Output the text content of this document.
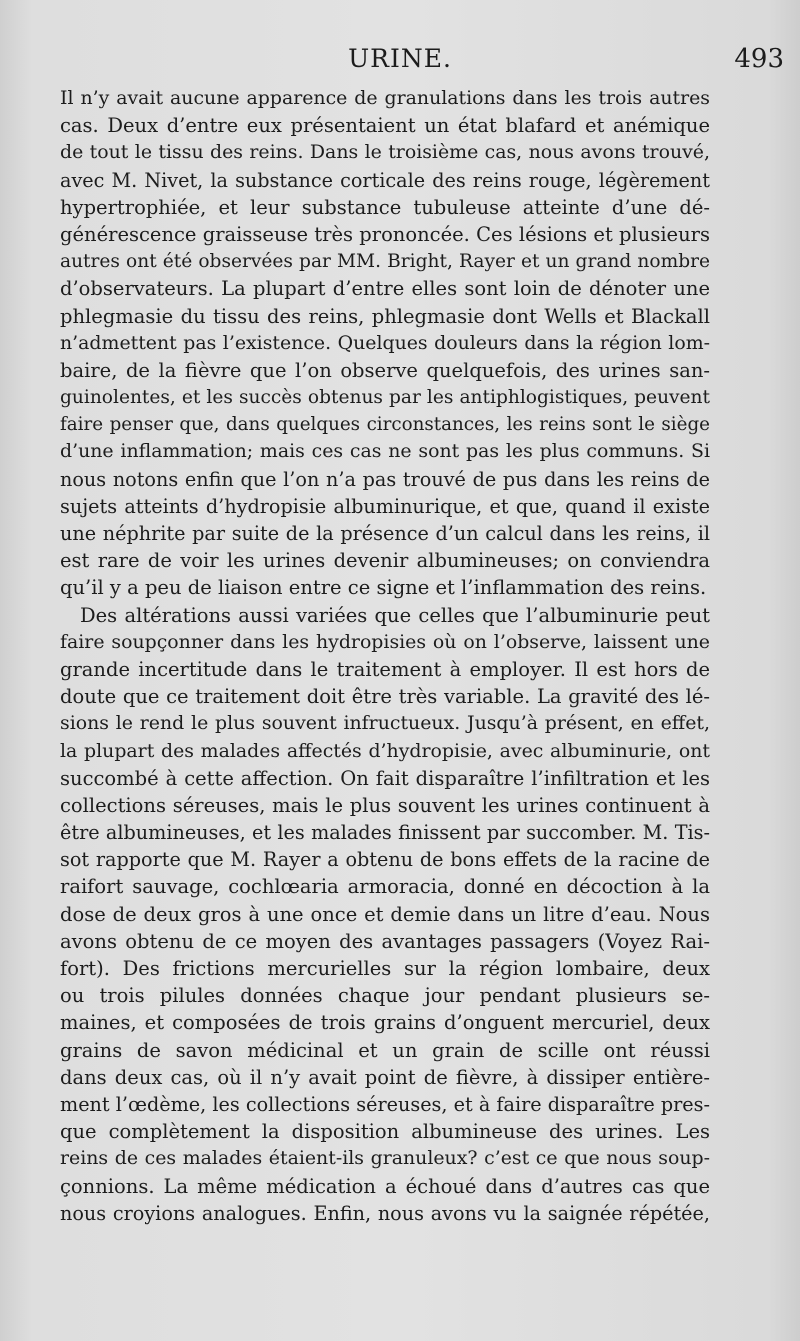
URINE.	493
Il n’y avait aucune apparence de granulations dans les trois autres
cas. Deux d’entre eux présentaient un état blafard et anémique
de tout le tissu des reins. Dans le troisième cas, nous avons trouvé,
avec M. Nivet, la substance corticale des reins rouge, légèrement
hypertrophiée, et leur substance tubuleuse atteinte d’une dé-
générescence graisseuse très prononcée. Ces lésions et plusieurs
autres ont été observées par MM. Bright, Rayer et un grand nombre
d’observateurs. La plupart d’entre elles sont loin de dénoter une
phlegmasie du tissu des reins, phlegmasie dont Wells et Blackall
n’admettent pas l’existence. Quelques douleurs dans la région lom-
baire, de la fièvre que l’on observe quelquefois, des urines san-
guinolentes, et les succès obtenus par les antiphlogistiques, peuvent
faire penser que, dans quelques circonstances, les reins sont le siège
d’une inflammation; mais ces cas ne sont pas les plus communs. Si
nous notons enfin que l’on n’a pas trouvé de pus dans les reins de
sujets atteints d’hydropisie albuminurique, et que, quand il existe
une néphrite par suite de la présence d’un calcul dans les reins, il
est rare de voir les urines devenir albumineuses; on conviendra
qu’il y a peu de liaison entre ce signe et l’inflammation des reins.
Des altérations aussi variées que celles que l’albuminurie peut
faire soupçonner dans les hydropisies où on l’observe, laissent une
grande incertitude dans le traitement à employer. Il est hors de
doute que ce traitement doit être très variable. La gravité des lé-
sions le rend le plus souvent infructueux. Jusqu’à présent, en effet,
la plupart des malades affectés d’hydropisie, avec albuminurie, ont
succombé à cette affection. On fait disparaître l’infiltration et les
collections séreuses, mais le plus souvent les urines continuent à
être albumineuses, et les malades finissent par succomber. M. Tis-
sot rapporte que M. Rayer a obtenu de bons effets de la racine de
raifort sauvage, cochlœaria armoracia, donné en décoction à la
dose de deux gros à une once et demie dans un litre d’eau. Nous
avons obtenu de ce moyen des avantages passagers (Voyez Rai-
fort). Des frictions mercurielles sur la région lombaire, deux
ou trois pilules données chaque jour pendant plusieurs se-
maines, et composées de trois grains d’onguent mercuriel, deux
grains de savon médicinal et un grain de scille ont réussi
dans deux cas, où il n’y avait point de fièvre, à dissiper entière-
ment l’œdème, les collections séreuses, et à faire disparaître pres-
que complètement la disposition albumineuse des urines. Les
reins de ces malades étaient-ils granuleux? c’est ce que nous soup-
çonnions. La même médication a échoué dans d’autres cas que
nous croyions analogues. Enfin, nous avons vu la saignée répétée,
